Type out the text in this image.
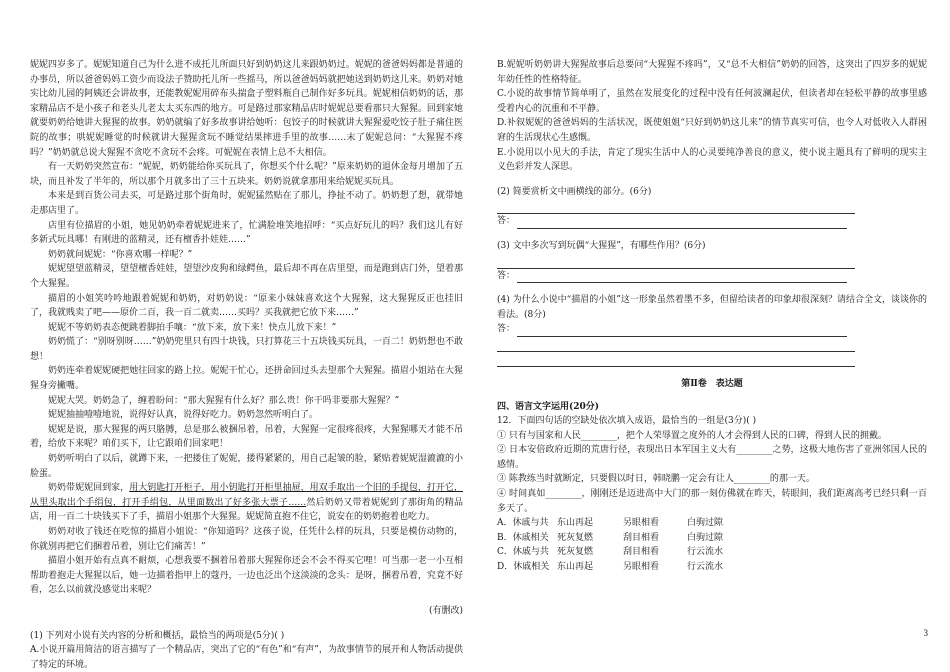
妮妮四岁多了。妮妮知道自己为什么进不成托儿所面只好到奶奶这儿来跟奶奶过。妮妮的爸爸妈妈都是普通的办事员，所以爸爸妈妈工资少而设法子赞助托儿所一些摇马，所以爸爸妈妈就把她送到奶奶这儿来。奶奶对她实比幼儿园的阿姨还会讲故事，还能教妮妮用碎布头揣盒子塑料瓶自己制作好多玩具。妮妮相信奶奶的话，那家精品店不是小孩子和老头儿老太太买东西的地方。可是路过那家精品店时妮妮总要看那只大猩猩。回到家她就要奶奶给她讲大猩猩的故事。奶奶就编了好多故事讲给她听：包饺子的时候就讲大猩猩爱吃饺子肚子痛住医院的故事；哄妮妮睡觉的时候就讲大猩猩贪玩不睡觉结果摔进手里的故事……末了妮妮总问：“大猩猩不疼吗？”奶奶就总说大猩猩不贪吃不贪玩不会疼。可妮妮在表情上总不大相信。

有一天奶奶突然宣布：“妮妮，奶奶能给你买玩具了，你想买个什么呢？”原来奶奶的退休金每月增加了五块，而且补发了半年的，所以那个月就多出了三十五块来。奶奶说就拿那用来给妮妮买玩具。

本来是到百货公司去买，可是路过那个街角时，妮妮猛然贴在了那儿，挣扯不动了。奶奶想了想，就带她走那店里了。

店里有位描眉的小姐，她见奶奶牵着妮妮进来了，忙满脸堆笑地招呼：“买点好玩儿的吗？我们这儿有好多新式玩具哪！有刚进的蓝精灵，还有檀香扑娃娃……”

奶奶就问妮妮：“你喜欢哪一样呢？”

妮妮望望蓝精灵，望望檀香娃娃，望望沙皮狗和绿鳄鱼，最后却不再在店里望，而是跑到店门外，望着那个大猩猩。

描眉的小姐笑吟吟地跟着妮妮和奶奶，对奶奶说：“原来小妹妹喜欢这个大猩猩，这大猩猩反正也挂旧了，我就贱卖了吧——原价二百，我一百二就卖……买吗？买我就把它放下来……”

妮妮不等奶奶表态便跳着脚拍手嚷：“放下来，放下来！快点儿放下来！”

奶奶慌了：“别呀别呀……”奶奶兜里只有四十块钱，只打算花三十五块钱买玩具，一百二！奶奶想也不敢想！

奶奶连牵着妮妮硬把她往回家的路上拉。妮妮干忙心，还拼命回过头去望那个大猩猩。描眉小姐站在大猩猩身旁撇嘴。

妮妮大哭。奶奶急了，缠着盼问：“那大猩猩有什么好？那么贵！你干吗非要那大猩猩？”

妮妮抽抽噎噎地说，说得好认真，说得好吃力。奶奶忽然听明白了。

妮妮是说，那大猩猩的两只胳膊，总是那么被捆吊着，吊着，大猩猩一定很疼很疼，大猩猩哪天才能不吊着，给放下来呢？咱们买下，让它跟咱们回家吧！

奶奶听明白了以后，就蹲下来，一把搂住了妮妮，搂得紧紧的，用自己起皱的脸，紧贴着妮妮湿漉漉的小脸蛋。

奶奶带妮妮回到家，用大钥匙打开柜子，用小钥匙打开柜里抽屉，用双手取出一个旧的手提包，打开它，从里头取出个手绢包，打开手绢包，从里面数出了好多张大票子……然后奶奶又带着妮妮到了那街角的精品店，用一百二十块钱买下了手，描眉小姐那个大猩猩。妮妮简直抱不住它，说安在的奶奶抱着也吃力。

奶奶对收了钱还在吃惊的描眉小姐说：“你知道吗？这孩子说，任凭什么样的玩具，只要是模仿动物的，你就别再把它们捆着吊着，别让它们痛苦！”

描眉小姐开始有点真不耐烦，心想我要不捆着吊着那大猩猩你还会不会不得买它哩！可当那一老一小互相帮助着抱走大猩猩以后，她一边描着指甲上的蔻丹，一边也泛出个这淡淡的念头：是呀，捆着吊着，究竟不好看，怎么以前就没感觉出来呢？

(有删改)

(1) 下列对小说有关内容的分析和概括，最恰当的两项是(5分)( )

A.小说开篇用简洁的语言描写了一个精品店，突出了它的“有色”和“有声”，为故事情节的展开和人物活动提供了特定的环境。

B.妮妮听奶奶讲大猩猩故事后总要问“大猩猩不疼吗”，又“总不大相信”奶奶的回答，这突出了四岁多的妮妮年幼任性的性格特征。

C.小说的故事情节简单明了，虽然在发展变化的过程中没有任何波澜起伏，但读者却在轻松平静的故事里感受着内心的沉重和不平静。

D.补叙妮妮的爸爸妈妈的生活状况，既使姐姐“只好到奶奶这儿来”的情节真实可信，也令人对低收入人群困窘的生活现状心生感慨。

E.小说用以小见大的手法，肯定了现实生活中人的心灵要纯净善良的意义，使小说主题具有了鲜明的现实主义色彩并发人深思。

(2) 简要赏析文中画横线的部分。(6分)

答：

(3) 文中多次写到玩偶“大猩猩”，有哪些作用？(6分)

答：

(4) 为什么小说中“描眉的小姐”这一形象虽然着墨不多，但留给读者的印象却很深刻？请结合全文，谈谈你的看法。(8分)

答：
第Ⅱ卷　表达题

四、语言文字运用(20分)

12．下面四句话的空缺处依次填入成语，最恰当的一组是(3分)( )

① 只有与国家和人民________，把个人荣辱置之度外的人才会得到人民的口碑，得到人民的拥戴。

② 日本安倍政府近期的荒唐行径，表现出日本军国主义大有________之势，这极大地伤害了亚洲邻国人民的感情。

③ 陈教练当时就断定，只要假以时日，韩晓鹏一定会有让人________的那一天。

④ 时间真如________，刚刚还是迈进高中大门的那一刻仿佛就在昨天，转眼间，我们距离高考已经只剩一百多天了。

A．休戚与共 东山再起	另眼相看	白驹过隙
B．休戚相关 死灰复燃	刮目相看	白驹过隙
C．休戚与共 死灰复燃	刮目相看	行云流水
D．休戚相关 东山再起	另眼相看	行云流水
3
